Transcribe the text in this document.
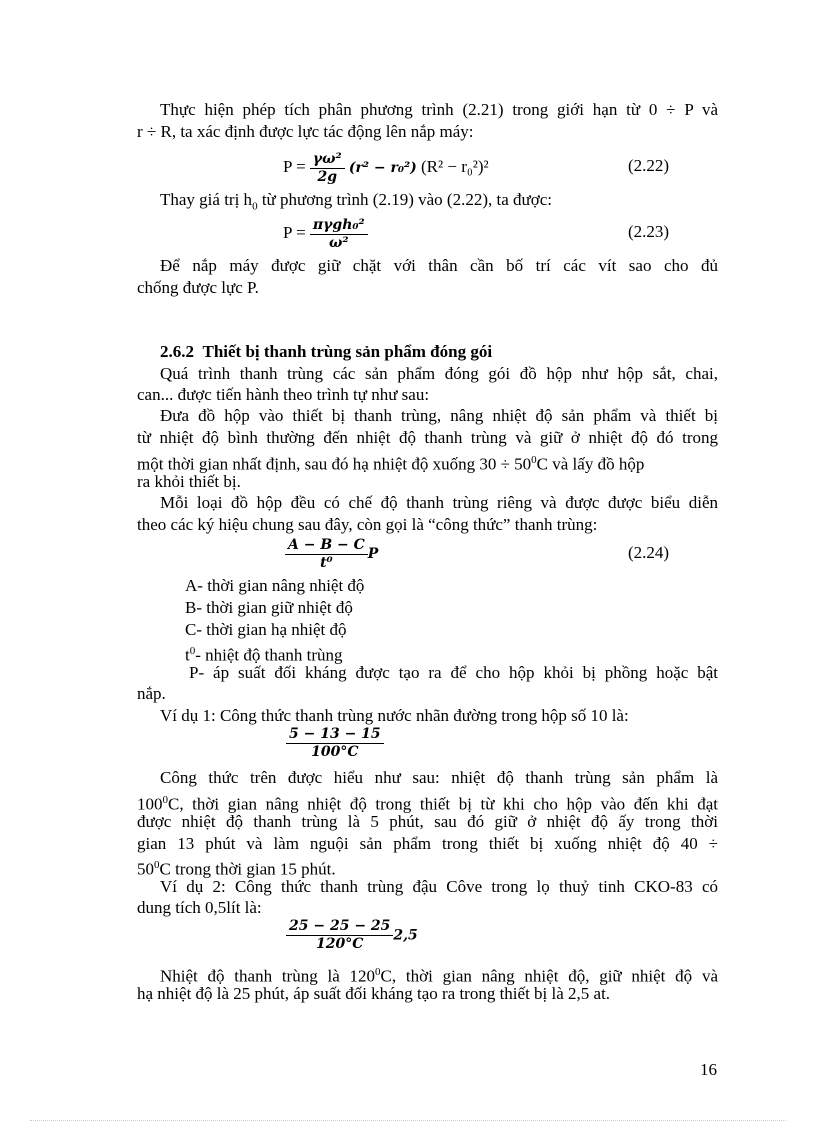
Thực hiện phép tích phân phương trình (2.21) trong giới hạn từ 0 ÷ P và
r ÷ R, ta xác định được lực tác động lên nắp máy:
$P = \frac{\text{γω²}}{2g} (r^2 - r_0^2) (R^2 - r_0^2)^2$	(2.22)
Thay giá trị $h_0$ từ phương trình (2.19) vào (2.22), ta được:
$P = \frac{\text{πγgh₀²}}{\text{ω²}}$	(2.23)
Để nắp máy được giữ chặt với thân cần bố trí các vít sao cho đủ
chống được lực P.
2.6.2 Thiết bị thanh trùng sản phẩm đóng gói
Quá trình thanh trùng các sản phẩm đóng gói đồ hộp như hộp sắt, chai,
can... được tiến hành theo trình tự như sau:
Đưa đồ hộp vào thiết bị thanh trùng, nâng nhiệt độ sản phẩm và thiết bị
từ nhiệt độ bình thường đến nhiệt độ thanh trùng và giữ ở nhiệt độ đó trong
một thời gian nhất định, sau đó hạ nhiệt độ xuống $30 \div 50^0C$ và lấy đồ hộp
ra khỏi thiết bị.
Mỗi loại đồ hộp đều có chế độ thanh trùng riêng và được được biểu diễn
theo các ký hiệu chung sau đây, còn gọi là “công thức” thanh trùng:
$\frac{A - B - C}{\text{t⁰}}$ P	(2.24)
A- thời gian nâng nhiệt độ
B- thời gian giữ nhiệt độ
C- thời gian hạ nhiệt độ
$t^0-$ nhiệt độ thanh trùng
P- áp suất đối kháng được tạo ra để cho hộp khỏi bị phồng hoặc bật
nắp.
Ví dụ 1: Công thức thanh trùng nước nhãn đường trong hộp số 10 là:
$\frac{5 - 13 - 15}{100^\circ C}$
Công thức trên được hiểu như sau: nhiệt độ thanh trùng sản phẩm là
$100^0C$, thời gian nâng nhiệt độ trong thiết bị từ khi cho hộp vào đến khi đạt
được nhiệt độ thanh trùng là 5 phút, sau đó giữ ở nhiệt độ ấy trong thời
gian 13 phút và làm nguội sản phẩm trong thiết bị xuống nhiệt độ 40 ÷
$50^0C$ trong thời gian 15 phút.
Ví dụ 2: Công thức thanh trùng đậu Côve trong lọ thuỷ tinh CKO-83 có
dung tích 0,5lít là:
$\frac{25 - 25 - 25}{120^\circ C} 2,5$
Nhiệt độ thanh trùng là $120^0C$, thời gian nâng nhiệt độ, giữ nhiệt độ và
hạ nhiệt độ là 25 phút, áp suất đối kháng tạo ra trong thiết bị là 2,5 at.
16
